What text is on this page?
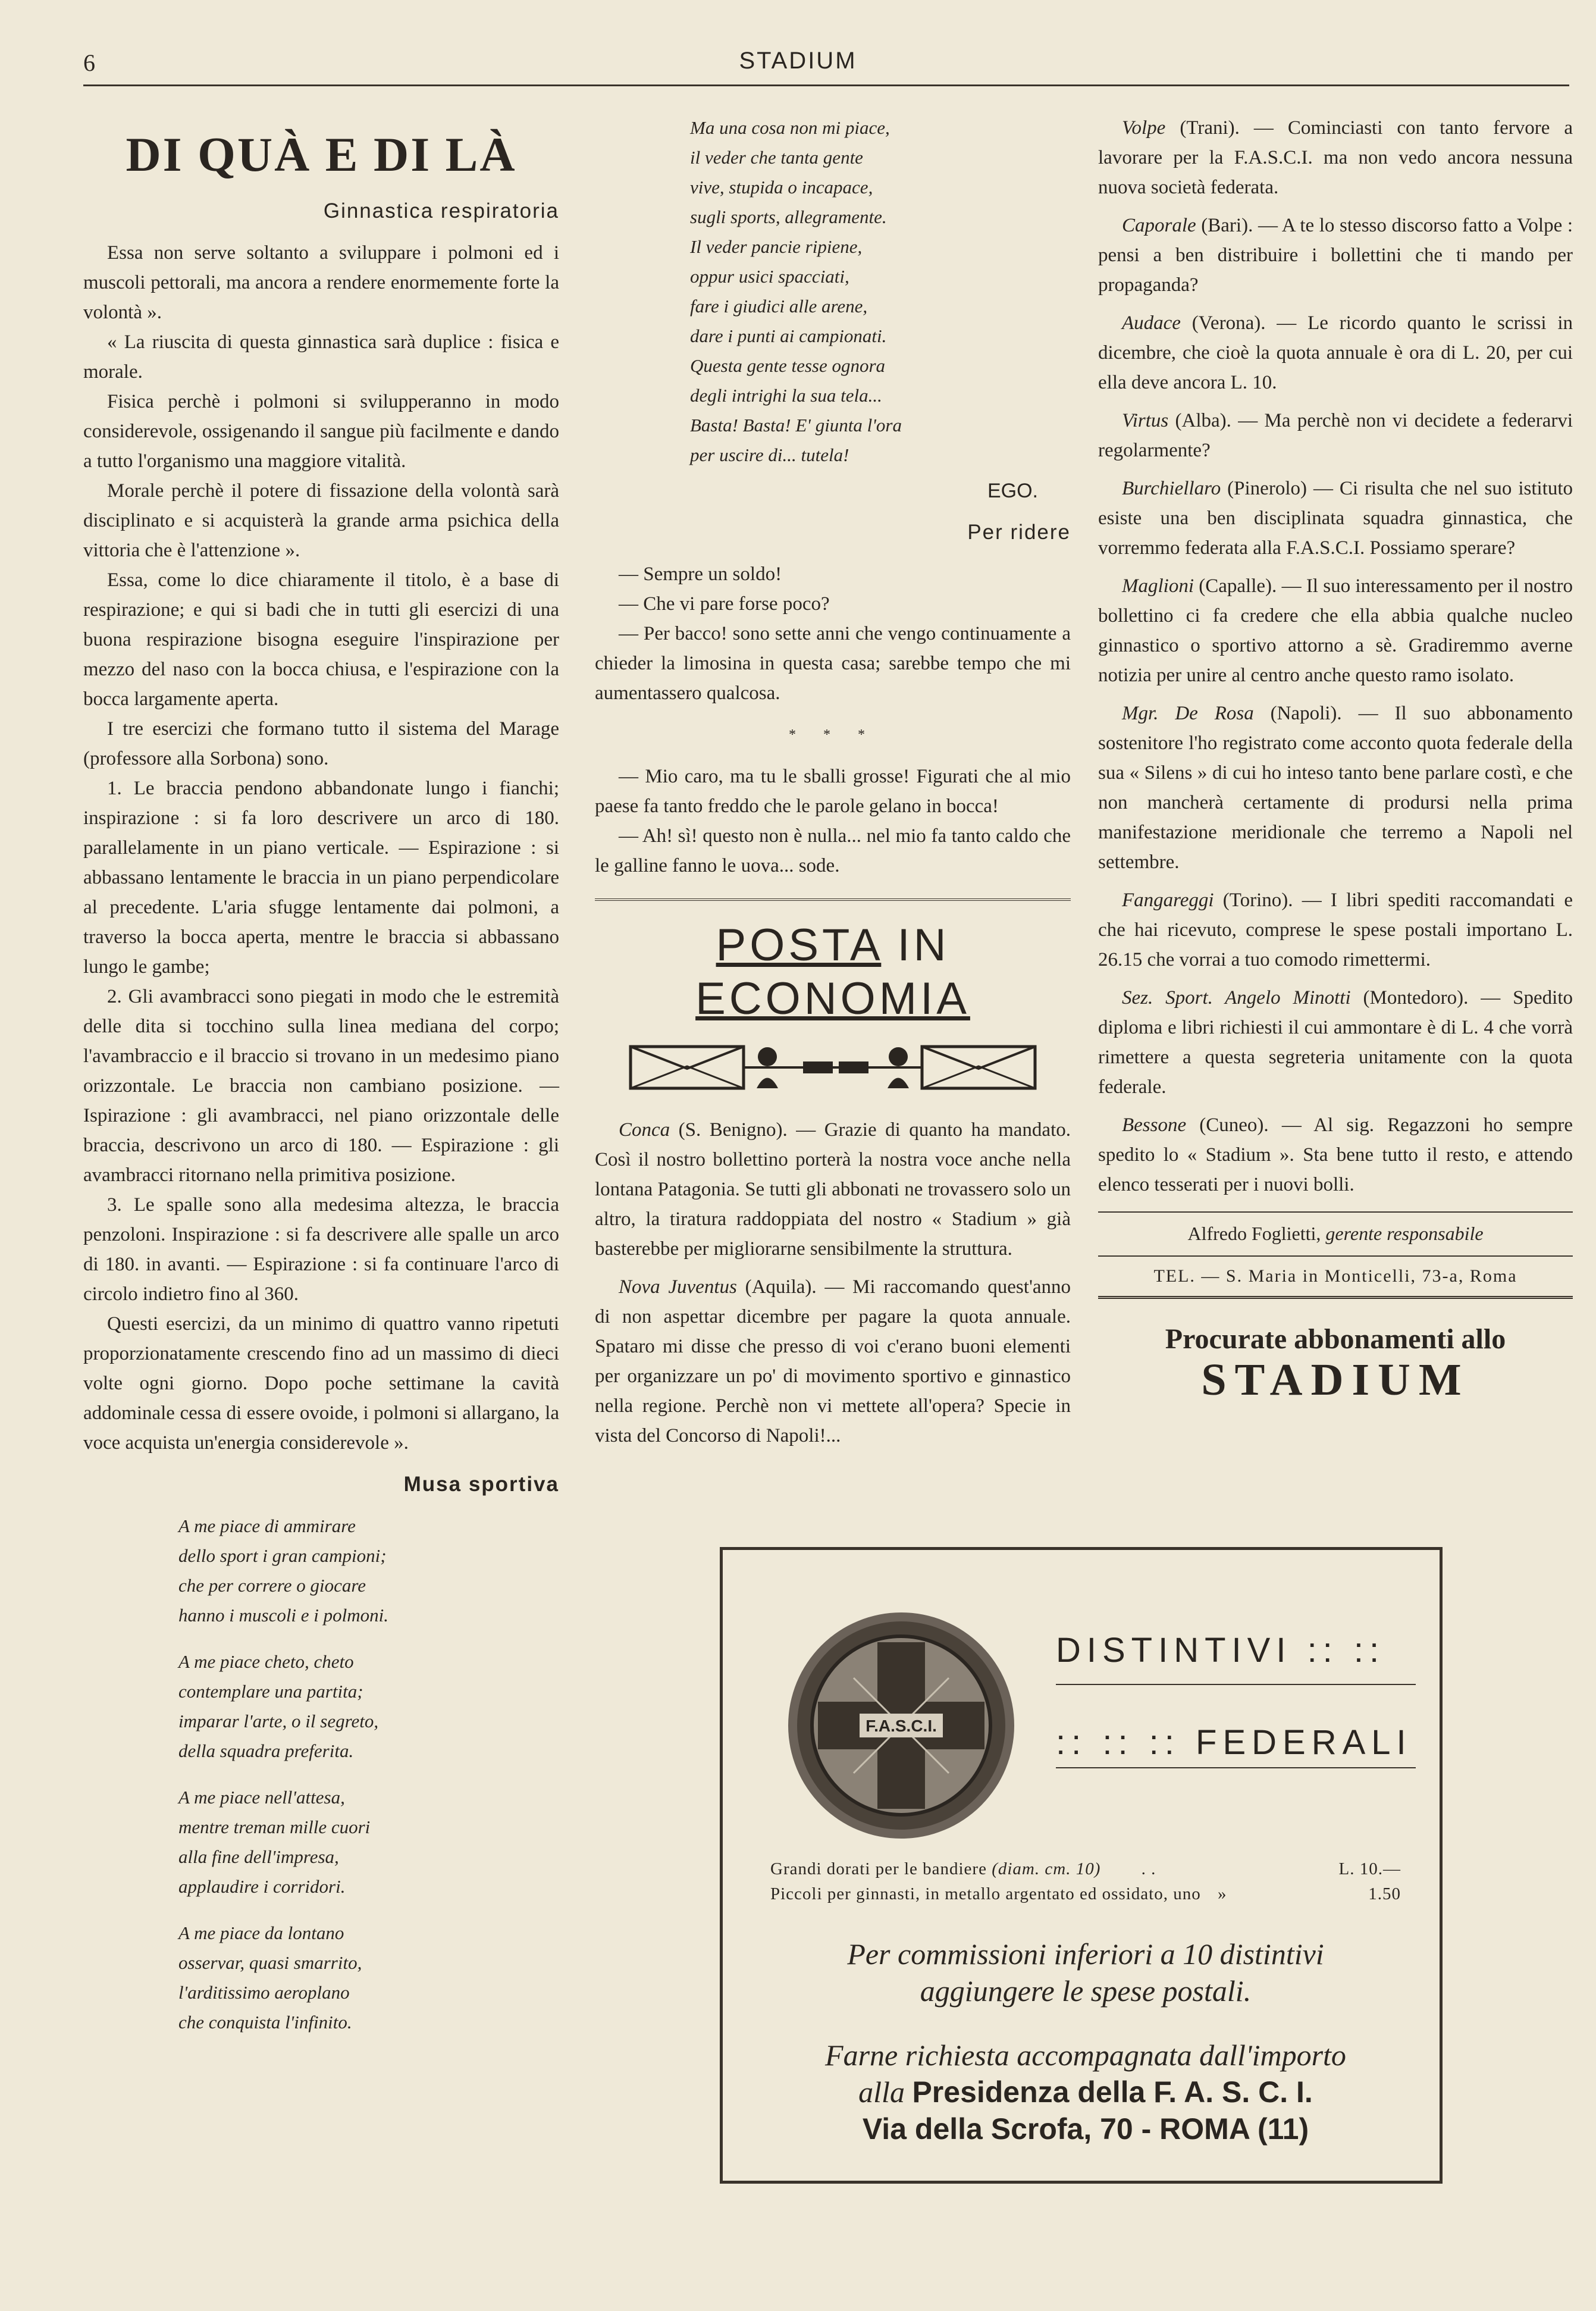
6	STADIUM
DI QUÀ E DI LÀ
Ginnastica respiratoria

Essa non serve soltanto a sviluppare i polmoni ed i muscoli pettorali, ma ancora a rendere enormemente forte la volontà ».

« La riuscita di questa ginnastica sarà duplice : fisica e morale.

Fisica perchè i polmoni si svilupperanno in modo considerevole, ossigenando il sangue più facilmente e dando a tutto l'organismo una maggiore vitalità.

Morale perchè il potere di fissazione della volontà sarà disciplinato e si acquisterà la grande arma psichica della vittoria che è l'attenzione ».

Essa, come lo dice chiaramente il titolo, è a base di respirazione; e qui si badi che in tutti gli esercizi di una buona respirazione bisogna eseguire l'inspirazione per mezzo del naso con la bocca chiusa, e l'espirazione con la bocca largamente aperta.

I tre esercizi che formano tutto il sistema del Marage (professore alla Sorbona) sono.

1. Le braccia pendono abbandonate lungo i fianchi; inspirazione : si fa loro descrivere un arco di 180. parallelamente in un piano verticale. — Espirazione : si abbassano lentamente le braccia in un piano perpendicolare al precedente. L'aria sfugge lentamente dai polmoni, a traverso la bocca aperta, mentre le braccia si abbassano lungo le gambe;

2. Gli avambracci sono piegati in modo che le estremità delle dita si tocchino sulla linea mediana del corpo; l'avambraccio e il braccio si trovano in un medesimo piano orizzontale. Le braccia non cambiano posizione. — Ispirazione : gli avambracci, nel piano orizzontale delle braccia, descrivono un arco di 180. — Espirazione : gli avambracci ritornano nella primitiva posizione.

3. Le spalle sono alla medesima altezza, le braccia penzoloni. Inspirazione : si fa descrivere alle spalle un arco di 180. in avanti. — Espirazione : si fa continuare l'arco di circolo indietro fino al 360.

Questi esercizi, da un minimo di quattro vanno ripetuti proporzionatamente crescendo fino ad un massimo di dieci volte ogni giorno. Dopo poche settimane la cavità addominale cessa di essere ovoide, i polmoni si allargano, la voce acquista un'energia considerevole ».

Musa sportiva
A me piace di ammirare
dello sport i gran campioni;
che per correre o giocare
hanno i muscoli e i polmoni.
A me piace cheto, cheto
contemplare una partita;
imparar l'arte, o il segreto,
della squadra preferita.
A me piace nell'attesa,
mentre treman mille cuori
alla fine dell'impresa,
applaudire i corridori.
A me piace da lontano
osservar, quasi smarrito,
l'arditissimo aeroplano
che conquista l'infinito.
Ma una cosa non mi piace,
il veder che tanta gente
vive, stupida o incapace,
sugli sports, allegramente.
Il veder pancie ripiene,
oppur usici spacciati,
fare i giudici alle arene,
dare i punti ai campionati.
Questa gente tesse ognora
degli intrighi la sua tela...
Basta! Basta! E' giunta l'ora
per uscire di... tutela!
EGO.
Per ridere

— Sempre un soldo!

— Che vi pare forse poco?

— Per bacco! sono sette anni che vengo continuamente a chieder la limosina in questa casa; sarebbe tempo che mi aumentassero qualcosa.

* * *

— Mio caro, ma tu le sballi grosse! Figurati che al mio paese fa tanto freddo che le parole gelano in bocca!

— Ah! sì! questo non è nulla... nel mio fa tanto caldo che le galline fanno le uova... sode.

POSTA IN ECONOMIA

Conca (S. Benigno). — Grazie di quanto ha mandato. Così il nostro bollettino porterà la nostra voce anche nella lontana Patagonia. Se tutti gli abbonati ne trovassero solo un altro, la tiratura raddoppiata del nostro « Stadium » già basterebbe per migliorarne sensibilmente la struttura.

Nova Juventus (Aquila). — Mi raccomando quest'anno di non aspettar dicembre per pagare la quota annuale. Spataro mi disse che presso di voi c'erano buoni elementi per organizzare un po' di movimento sportivo e ginnastico nella regione. Perchè non vi mettete all'opera? Specie in vista del Concorso di Napoli!...

Volpe (Trani). — Cominciasti con tanto fervore a lavorare per la F.A.S.C.I. ma non vedo ancora nessuna nuova società federata.

Caporale (Bari). — A te lo stesso discorso fatto a Volpe : pensi a ben distribuire i bollettini che ti mando per propaganda?

Audace (Verona). — Le ricordo quanto le scrissi in dicembre, che cioè la quota annuale è ora di L. 20, per cui ella deve ancora L. 10.

Virtus (Alba). — Ma perchè non vi decidete a federarvi regolarmente?

Burchiellaro (Pinerolo) — Ci risulta che nel suo istituto esiste una ben disciplinata squadra ginnastica, che vorremmo federata alla F.A.S.C.I. Possiamo sperare?

Maglioni (Capalle). — Il suo interessamento per il nostro bollettino ci fa credere che ella abbia qualche nucleo ginnastico o sportivo attorno a sè. Gradiremmo averne notizia per unire al centro anche questo ramo isolato.

Mgr. De Rosa (Napoli). — Il suo abbonamento sostenitore l'ho registrato come acconto quota federale della sua « Silens » di cui ho inteso tanto bene parlare costì, e che non mancherà certamente di prodursi nella prima manifestazione meridionale che terremo a Napoli nel settembre.

Fangareggi (Torino). — I libri spediti raccomandati e che hai ricevuto, comprese le spese postali importano L. 26.15 che vorrai a tuo comodo rimettermi.

Sez. Sport. Angelo Minotti (Montedoro). — Spedito diploma e libri richiesti il cui ammontare è di L. 4 che vorrà rimettere a questa segreteria unitamente con la quota federale.

Bessone (Cuneo). — Al sig. Regazzoni ho sempre spedito lo « Stadium ». Sta bene tutto il resto, e attendo elenco tesserati per i nuovi bolli.

Alfredo Foglietti, gerente responsabile
TEL. — S. Maria in Monticelli, 73-a, Roma
Procurate abbonamenti allo
STADIUM
F.A.S.C.I.
DISTINTIVI :: ::
:: :: :: FEDERALI
Grandi dorati per le bandiere (diam. cm. 10) . .	L. 10.—
Piccoli per ginnasti, in metallo argentato ed ossidato, uno »	1.50
Per commissioni inferiori a 10 distintivi
aggiungere le spese postali.
Farne richiesta accompagnata dall'importo
alla Presidenza della F. A. S. C. I.
Via della Scrofa, 70 - ROMA (11)
